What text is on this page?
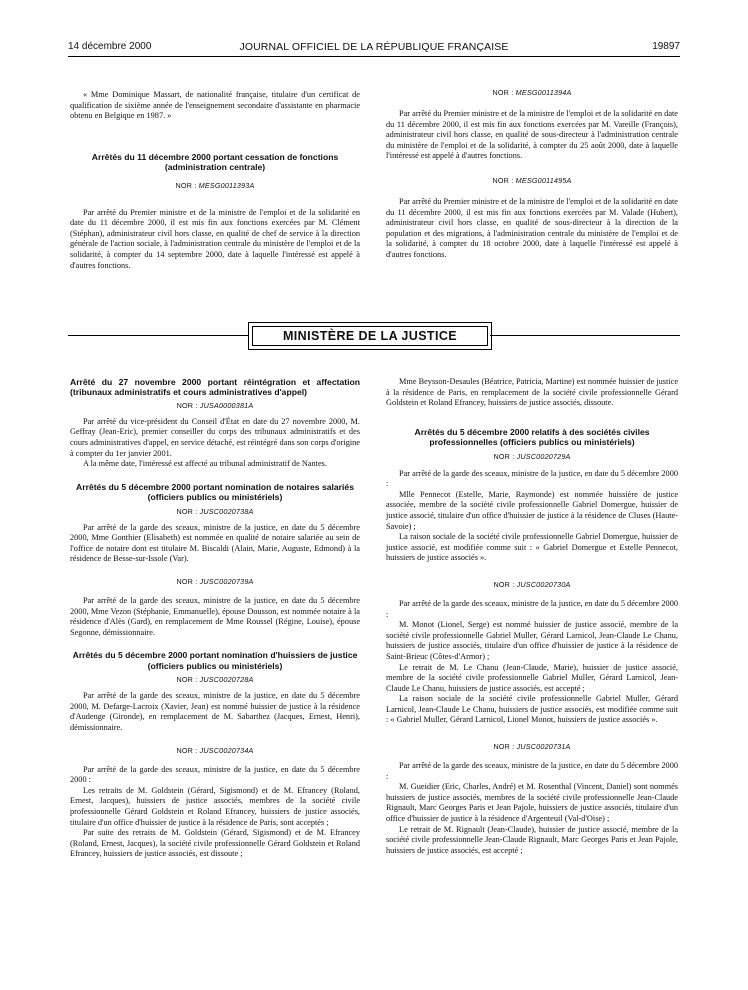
14 décembre 2000	JOURNAL OFFICIEL DE LA RÉPUBLIQUE FRANÇAISE	19897

« Mme Dominique Massart, de nationalité française, titulaire d'un certificat de qualification de sixième année de l'enseignement secondaire d'assistante en pharmacie obtenu en Belgique en 1987. »

Arrêtés du 11 décembre 2000 portant cessation de fonctions (administration centrale)

NOR : MESG0011393A

Par arrêté du Premier ministre et de la ministre de l'emploi et de la solidarité en date du 11 décembre 2000, il est mis fin aux fonctions exercées par M. Clément (Stéphan), administrateur civil hors classe, en qualité de chef de service à la direction générale de l'action sociale, à l'administration centrale du ministère de l'emploi et de la solidarité, à compter du 14 septembre 2000, date à laquelle l'intéressé est appelé à d'autres fonctions.

NOR : MESG0011394A

Par arrêté du Premier ministre et de la ministre de l'emploi et de la solidarité en date du 11 décembre 2000, il est mis fin aux fonctions exercées par M. Vareille (François), administrateur civil hors classe, en qualité de sous-directeur à l'administration centrale du ministère de l'emploi et de la solidarité, à compter du 25 août 2000, date à laquelle l'intéressé est appelé à d'autres fonctions.

NOR : MESG0011495A

Par arrêté du Premier ministre et de la ministre de l'emploi et de la solidarité en date du 11 décembre 2000, il est mis fin aux fonctions exercées par M. Valade (Hubert), administrateur civil hors classe, en qualité de sous-directeur à la direction de la population et des migrations, à l'administration centrale du ministère de l'emploi et de la solidarité, à compter du 18 octobre 2000, date à laquelle l'intéressé est appelé à d'autres fonctions.

MINISTÈRE DE LA JUSTICE
Arrêté du 27 novembre 2000 portant réintégration et affectation (tribunaux administratifs et cours administratives d'appel)

NOR : JUSA0000381A

Par arrêté du vice-président du Conseil d'État en date du 27 novembre 2000, M. Geffray (Jean-Eric), premier conseiller du corps des tribunaux administratifs et des cours administratives d'appel, en service détaché, est réintégré dans son corps d'origine à compter du 1er janvier 2001.

A la même date, l'intéressé est affecté au tribunal administratif de Nantes.

Arrêtés du 5 décembre 2000 portant nomination de notaires salariés (officiers publics ou ministériels)

NOR : JUSC0020738A

Par arrêté de la garde des sceaux, ministre de la justice, en date du 5 décembre 2000, Mme Gonthier (Elisabeth) est nommée en qualité de notaire salariée au sein de l'office de notaire dont est titulaire M. Biscaldi (Alain, Marie, Auguste, Edmond) à la résidence de Besse-sur-Issole (Var).

NOR : JUSC0020739A

Par arrêté de la garde des sceaux, ministre de la justice, en date du 5 décembre 2000, Mme Vezon (Stéphanie, Emmanuelle), épouse Dousson, est nommée notaire à la résidence d'Alès (Gard), en remplacement de Mme Roussel (Régine, Louise), épouse Segonne, démissionnaire.

Arrêtés du 5 décembre 2000 portant nomination d'huissiers de justice (officiers publics ou ministériels)

NOR : JUSC0020728A

Par arrêté de la garde des sceaux, ministre de la justice, en date du 5 décembre 2000, M. Defarge-Lacroix (Xavier, Jean) est nommé huissier de justice à la résidence d'Audenge (Gironde), en remplacement de M. Sabarthez (Jacques, Ernest, Henri), démissionnaire.

NOR : JUSC0020734A

Par arrêté de la garde des sceaux, ministre de la justice, en date du 5 décembre 2000 :

Les retraits de M. Goldstein (Gérard, Sigismond) et de M. Efrancey (Roland, Ernest, Jacques), huissiers de justice associés, membres de la société civile professionnelle Gérard Goldstein et Roland Efrancey, huissiers de justice associés, titulaire d'un office d'huissier de justice à la résidence de Paris, sont acceptés ;

Par suite des retraits de M. Goldstein (Gérard, Sigismond) et de M. Efrancey (Roland, Ernest, Jacques), la société civile professionnelle Gérard Goldstein et Roland Efrancey, huissiers de justice associés, est dissoute ;

Mme Beysson-Desaules (Béatrice, Patricia, Martine) est nommée huissier de justice à la résidence de Paris, en remplacement de la société civile professionnelle Gérard Goldstein et Roland Efrancey, huissiers de justice associés, dissoute.

Arrêtés du 5 décembre 2000 relatifs à des sociétés civiles professionnelles (officiers publics ou ministériels)

NOR : JUSC0020729A

Par arrêté de la garde des sceaux, ministre de la justice, en date du 5 décembre 2000 :

Mlle Pennecot (Estelle, Marie, Raymonde) est nommée huissière de justice associée, membre de la société civile professionnelle Gabriel Domergue, huissier de justice associé, titulaire d'un office d'huissier de justice à la résidence de Cluses (Haute-Savoie) ;

La raison sociale de la société civile professionnelle Gabriel Domergue, huissier de justice associé, est modifiée comme suit : « Gabriel Domergue et Estelle Pennecot, huissiers de justice associés ».

NOR : JUSC0020730A

Par arrêté de la garde des sceaux, ministre de la justice, en date du 5 décembre 2000 :

M. Monot (Lionel, Serge) est nommé huissier de justice associé, membre de la société civile professionnelle Gabriel Muller, Gérard Larnicol, Jean-Claude Le Chanu, huissiers de justice associés, titulaire d'un office d'huissier de justice à la résidence de Saint-Brieuc (Côtes-d'Armor) ;

Le retrait de M. Le Chanu (Jean-Claude, Marie), huissier de justice associé, membre de la société civile professionnelle Gabriel Muller, Gérard Larnicol, Jean-Claude Le Chanu, huissiers de justice associés, est accepté ;

La raison sociale de la société civile professionnelle Gabriel Muller, Gérard Larnicol, Jean-Claude Le Chanu, huissiers de justice associés, est modifiée comme suit : « Gabriel Muller, Gérard Larnicol, Lionel Monot, huissiers de justice associés ».

NOR : JUSC0020731A

Par arrêté de la garde des sceaux, ministre de la justice, en date du 5 décembre 2000 :

M. Gueidier (Eric, Charles, André) et M. Rosenthal (Vincent, Daniel) sont nommés huissiers de justice associés, membres de la société civile professionnelle Jean-Claude Rignault, Marc Georges Paris et Jean Pajole, huissiers de justice associés, titulaire d'un office d'huissier de justice à la résidence d'Argenteuil (Val-d'Oise) ;

Le retrait de M. Rignault (Jean-Claude), huissier de justice associé, membre de la société civile professionnelle Jean-Claude Rignault, Marc Georges Paris et Jean Pajole, huissiers de justice associés, est accepté ;
